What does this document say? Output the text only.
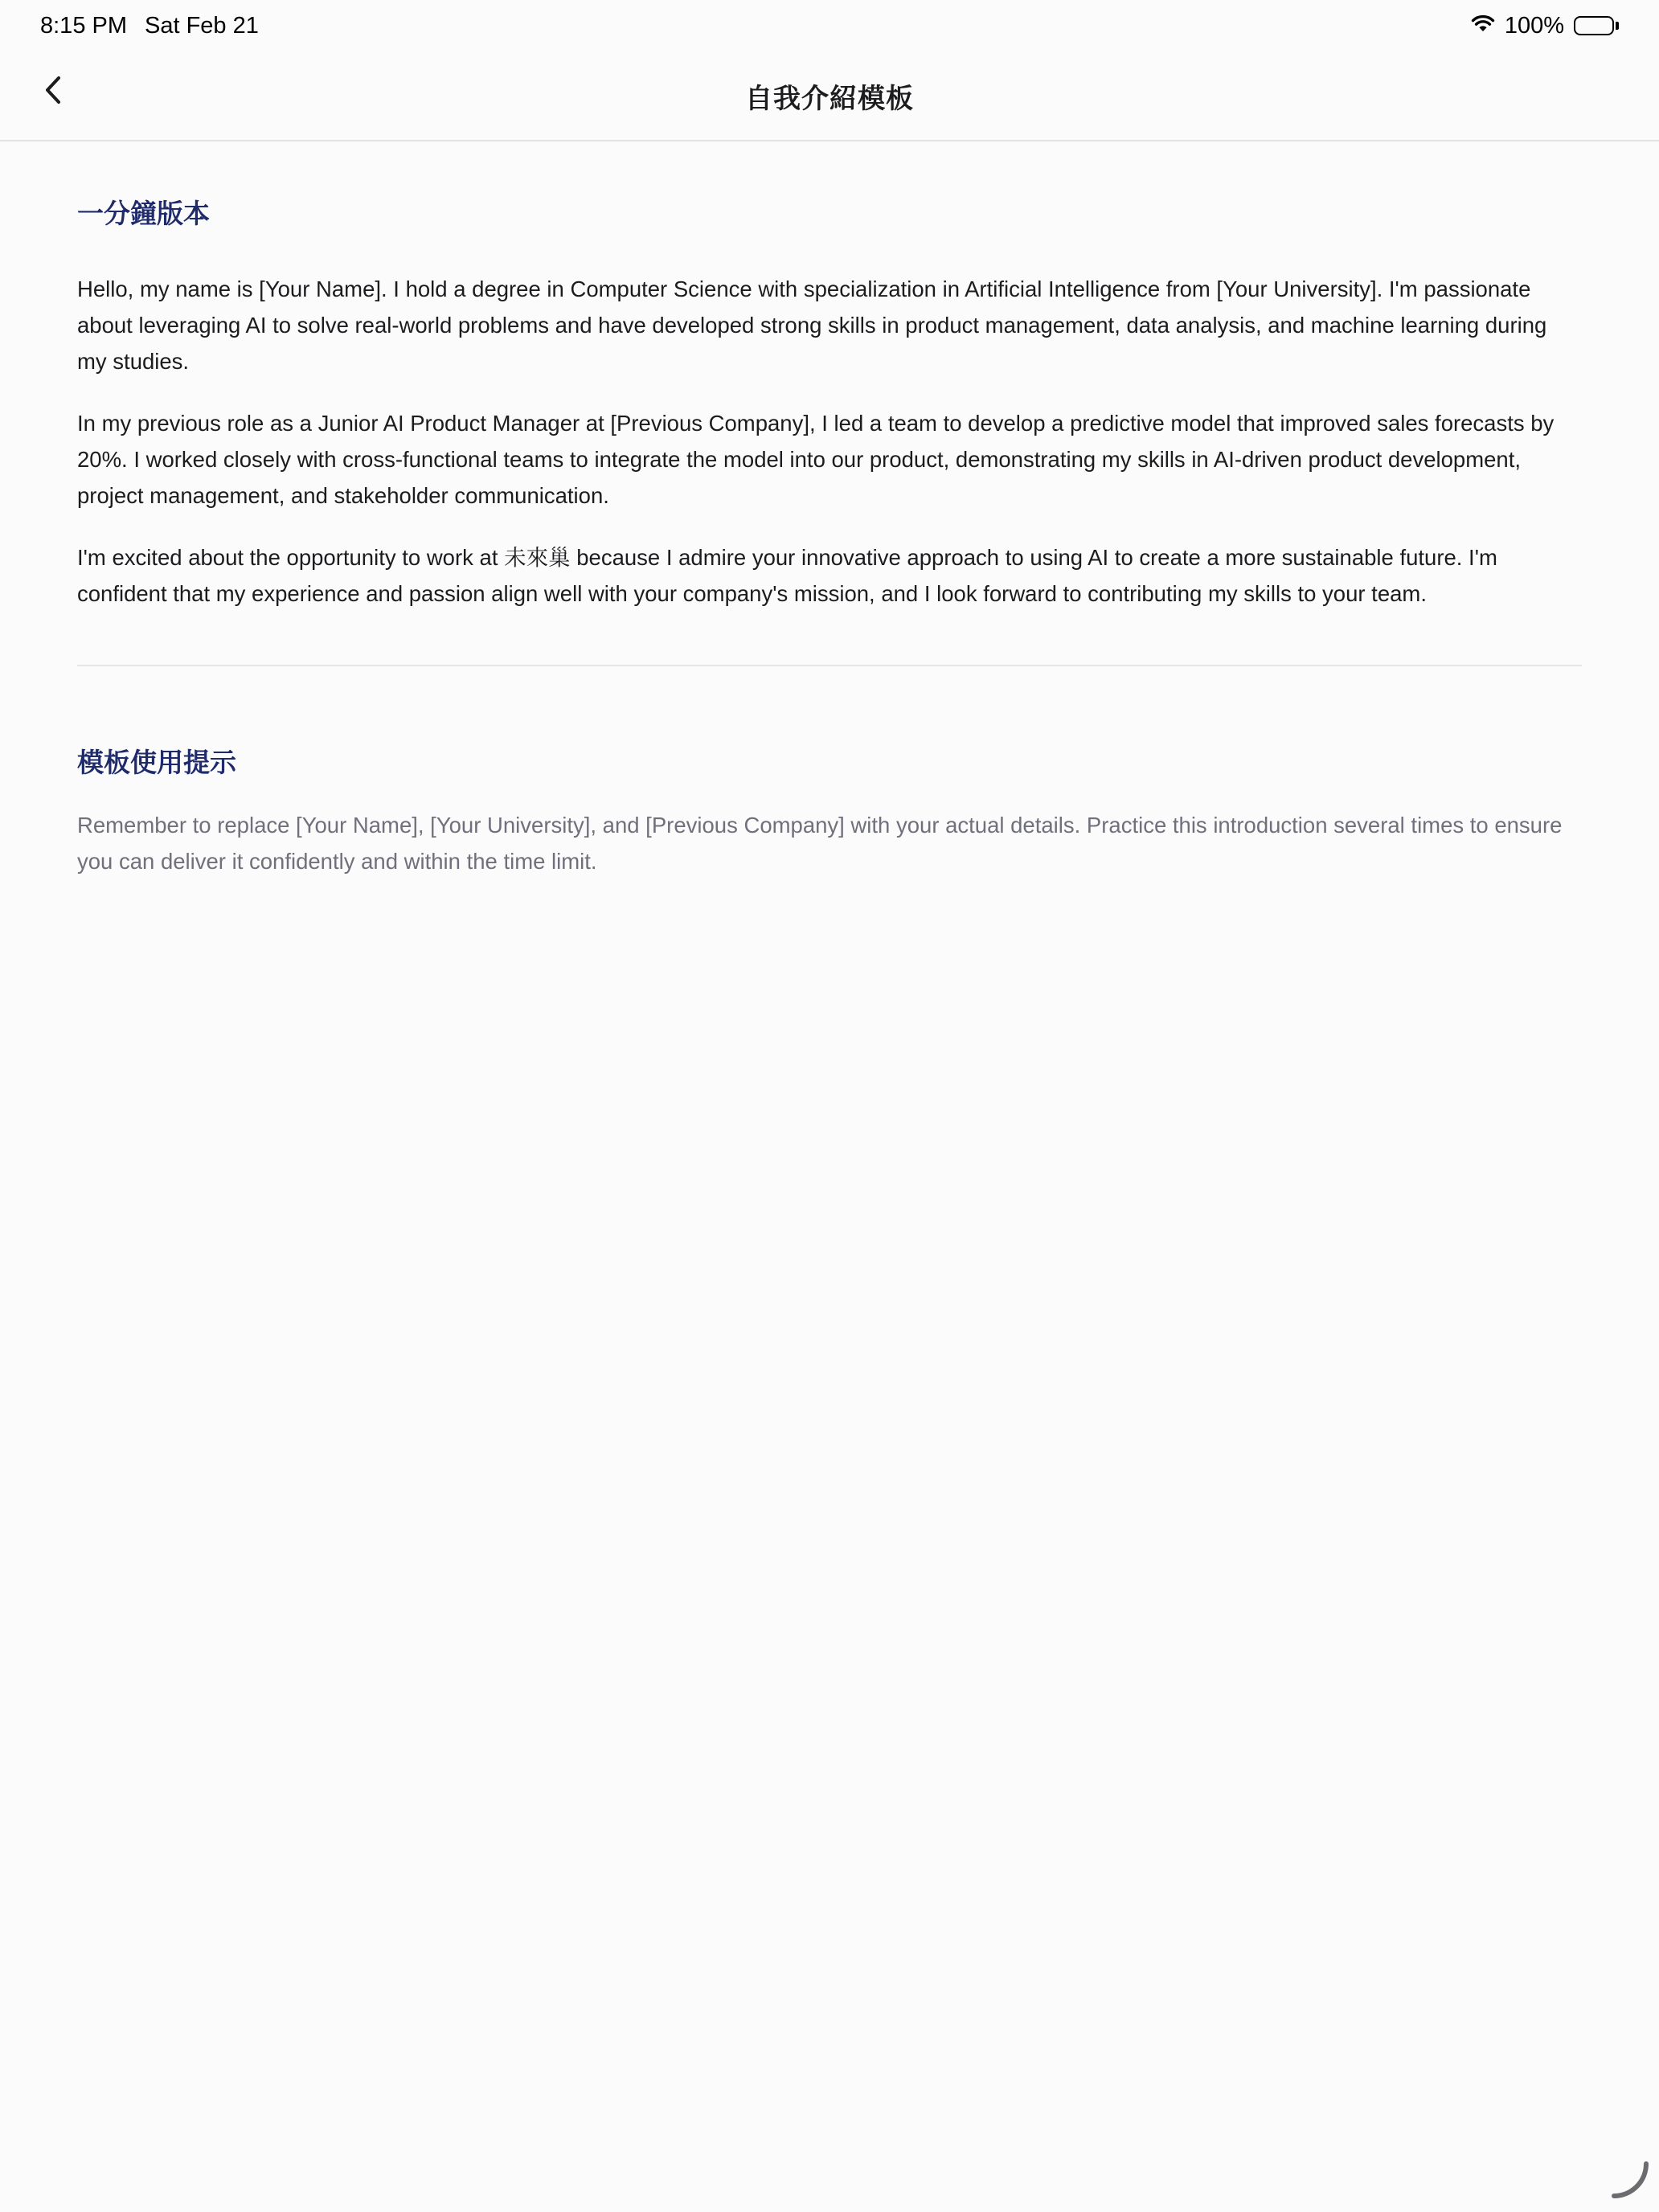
8:15 PM Sat Feb 21	100%
自我介紹模板
一分鐘版本

Hello, my name is [Your Name]. I hold a degree in Computer Science with specialization in Artificial Intelligence from [Your University]. I'm passionate about leveraging AI to solve real-world problems and have developed strong skills in product management, data analysis, and machine learning during my studies.

In my previous role as a Junior AI Product Manager at [Previous Company], I led a team to develop a predictive model that improved sales forecasts by 20%. I worked closely with cross-functional teams to integrate the model into our product, demonstrating my skills in AI-driven product development, project management, and stakeholder communication.

I'm excited about the opportunity to work at 未來巢 because I admire your innovative approach to using AI to create a more sustainable future. I'm confident that my experience and passion align well with your company's mission, and I look forward to contributing my skills to your team.

模板使用提示

Remember to replace [Your Name], [Your University], and [Previous Company] with your actual details. Practice this introduction several times to ensure you can deliver it confidently and within the time limit.
